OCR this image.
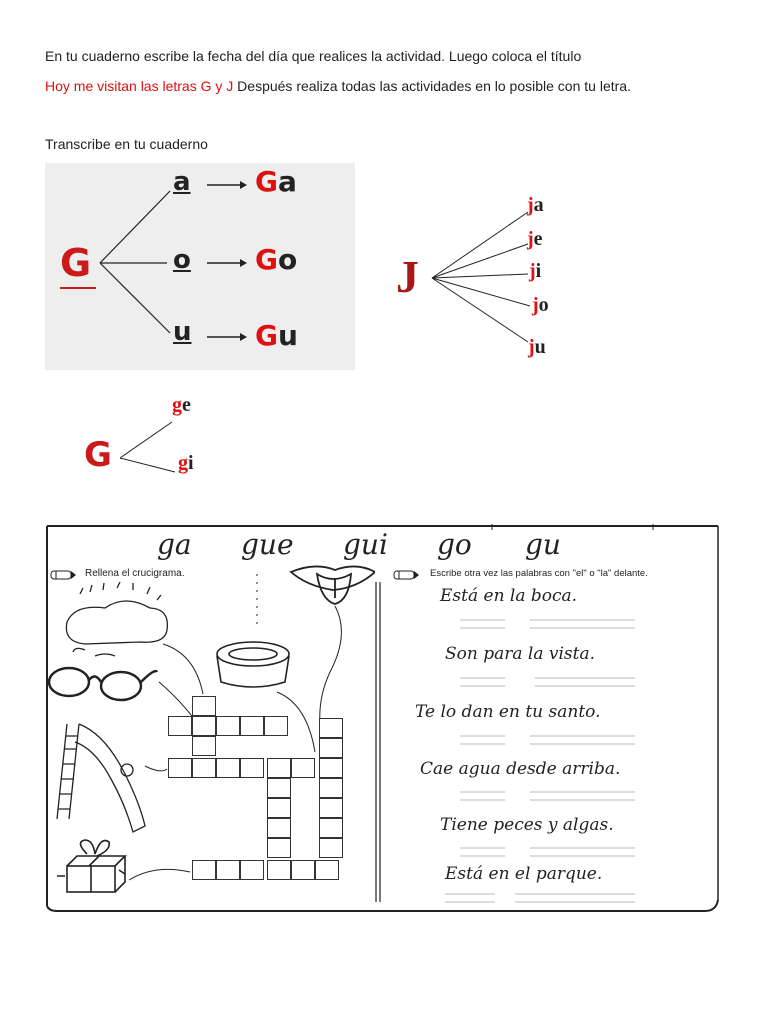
En tu cuaderno escribe la fecha del día que realices la actividad. Luego coloca el título
Hoy me visitan las letras G y J Después realiza todas las actividades en lo posible con tu letra.
Transcribe en tu cuaderno
G
a Ga
o Go
u Gu
J
ja
je
ji
jo
ju
G
ge
gi
ga gue gui go gu
Rellena el crucigrama.	Escribe otra vez las palabras con "el" o "la" delante.
Está en la boca.
Son para la vista.
Te lo dan en tu santo.
Cae agua desde arriba.
Tiene peces y algas.
Está en el parque.
